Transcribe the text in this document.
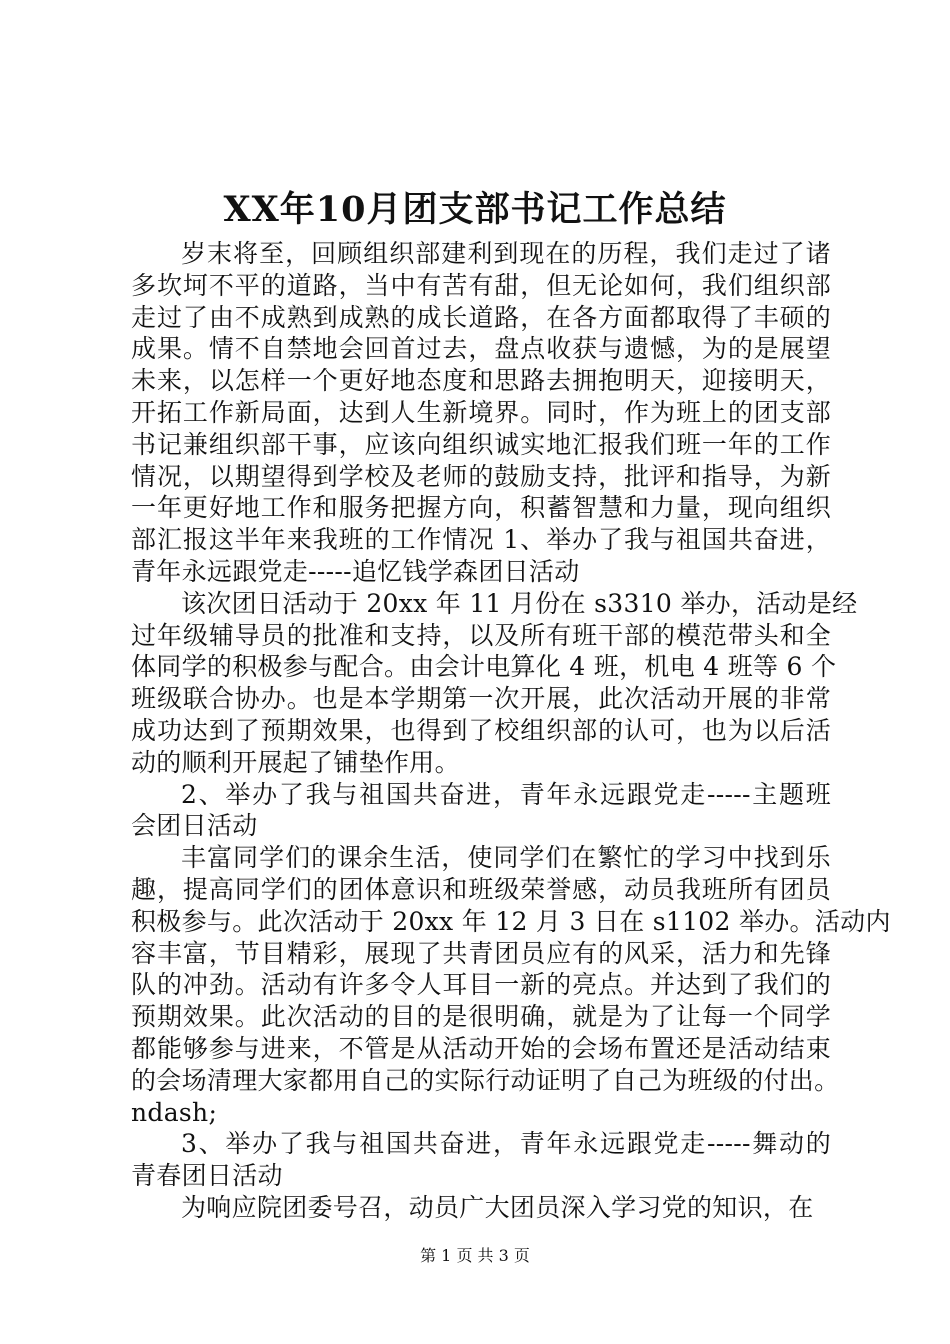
XX年10月团支部书记工作总结
岁末将至，回顾组织部建利到现在的历程，我们走过了诸
多坎坷不平的道路，当中有苦有甜，但无论如何，我们组织部
走过了由不成熟到成熟的成长道路，在各方面都取得了丰硕的
成果。情不自禁地会回首过去，盘点收获与遗憾，为的是展望
未来，以怎样一个更好地态度和思路去拥抱明天，迎接明天，
开拓工作新局面，达到人生新境界。同时，作为班上的团支部
书记兼组织部干事，应该向组织诚实地汇报我们班一年的工作
情况，以期望得到学校及老师的鼓励支持，批评和指导，为新
一年更好地工作和服务把握方向，积蓄智慧和力量，现向组织
部汇报这半年来我班的工作情况 1、举办了我与祖国共奋进，
青年永远跟党走-----追忆钱学森团日活动
该次团日活动于 20xx 年 11 月份在 s3310 举办，活动是经
过年级辅导员的批准和支持，以及所有班干部的模范带头和全
体同学的积极参与配合。由会计电算化 4 班，机电 4 班等 6 个
班级联合协办。也是本学期第一次开展，此次活动开展的非常
成功达到了预期效果，也得到了校组织部的认可，也为以后活
动的顺利开展起了铺垫作用。
2、举办了我与祖国共奋进，青年永远跟党走-----主题班
会团日活动
丰富同学们的课余生活，使同学们在繁忙的学习中找到乐
趣，提高同学们的团体意识和班级荣誉感，动员我班所有团员
积极参与。此次活动于 20xx 年 12 月 3 日在 s1102 举办。活动内
容丰富，节目精彩，展现了共青团员应有的风采，活力和先锋
队的冲劲。活动有许多令人耳目一新的亮点。并达到了我们的
预期效果。此次活动的目的是很明确，就是为了让每一个同学
都能够参与进来，不管是从活动开始的会场布置还是活动结束
的会场清理大家都用自己的实际行动证明了自己为班级的付出。
ndash;
3、举办了我与祖国共奋进，青年永远跟党走-----舞动的
青春团日活动
为响应院团委号召，动员广大团员深入学习党的知识，在
第 1 页 共 3 页
